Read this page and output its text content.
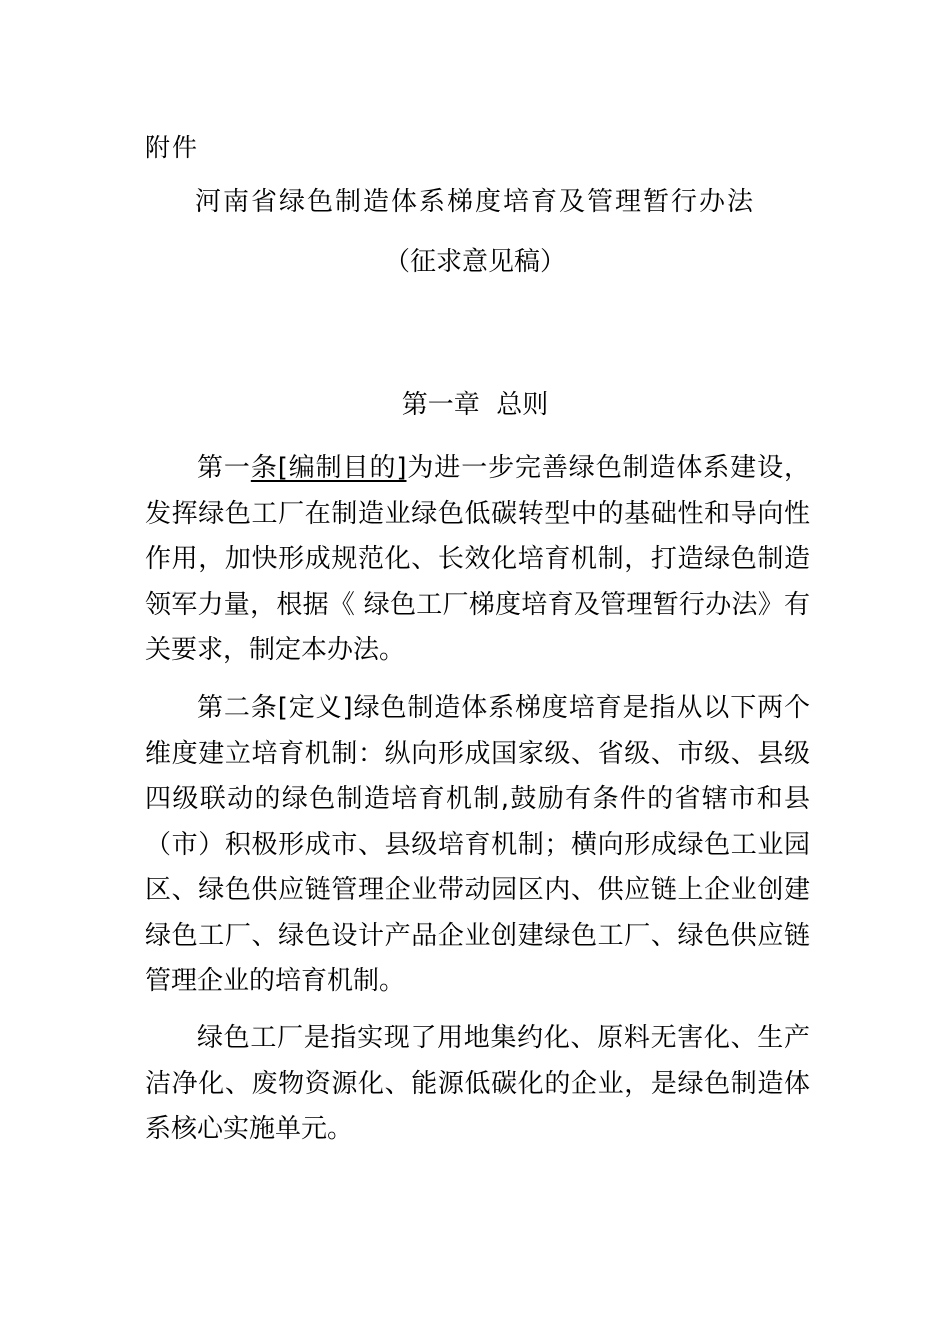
附件
河南省绿色制造体系梯度培育及管理暂行办法
（征求意见稿）
第一章  总则

第一条[编制目的]为进一步完善绿色制造体系建设，发挥绿色工厂在制造业绿色低碳转型中的基础性和导向性作用，加快形成规范化、长效化培育机制，打造绿色制造领军力量，根据《 绿色工厂梯度培育及管理暂行办法》有关要求，制定本办法。

第二条[定义]绿色制造体系梯度培育是指从以下两个维度建立培育机制：纵向形成国家级、省级、市级、县级四级联动的绿色制造培育机制,鼓励有条件的省辖市和县（市）积极形成市、县级培育机制；横向形成绿色工业园区、绿色供应链管理企业带动园区内、供应链上企业创建绿色工厂、绿色设计产品企业创建绿色工厂、绿色供应链管理企业的培育机制。

绿色工厂是指实现了用地集约化、原料无害化、生产洁净化、废物资源化、能源低碳化的企业，是绿色制造体系核心实施单元。
